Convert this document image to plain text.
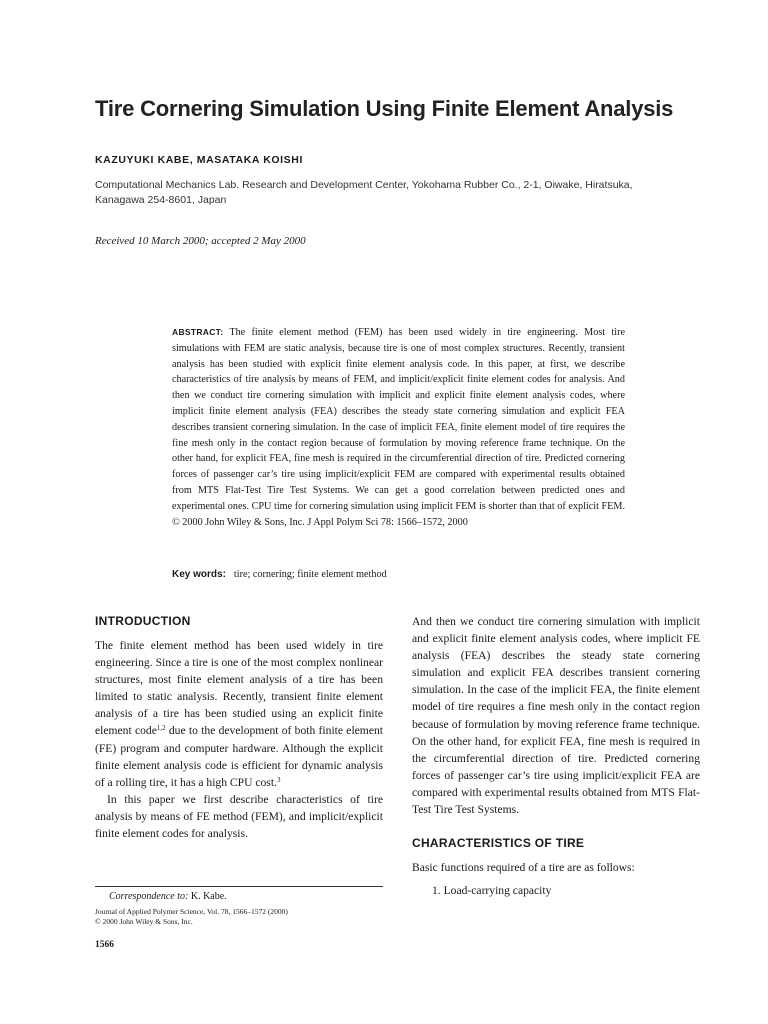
Tire Cornering Simulation Using Finite Element Analysis
KAZUYUKI KABE, MASATAKA KOISHI
Computational Mechanics Lab. Research and Development Center, Yokohama Rubber Co., 2-1, Oiwake, Hiratsuka,
Kanagawa 254-8601, Japan
Received 10 March 2000; accepted 2 May 2000
ABSTRACT: The finite element method (FEM) has been used widely in tire engineering. Most tire simulations with FEM are static analysis, because tire is one of most complex structures. Recently, transient analysis has been studied with explicit finite element analysis code. In this paper, at first, we describe characteristics of tire analysis by means of FEM, and implicit/explicit finite element codes for analysis. And then we conduct tire cornering simulation with implicit and explicit finite element analysis codes, where implicit finite element analysis (FEA) describes the steady state cornering simulation and explicit FEA describes transient cornering simulation. In the case of implicit FEA, finite element model of tire requires the fine mesh only in the contact region because of formulation by moving reference frame technique. On the other hand, for explicit FEA, fine mesh is required in the circumferential direction of tire. Predicted cornering forces of passenger car’s tire using implicit/explicit FEM are compared with experimental results obtained from MTS Flat-Test Tire Test Systems. We can get a good correlation between predicted ones and experimental ones. CPU time for cornering simulation using implicit FEM is shorter than that of explicit FEM. © 2000 John Wiley & Sons, Inc. J Appl Polym Sci 78: 1566–1572, 2000
Key words: tire; cornering; finite element method
INTRODUCTION

The finite element method has been used widely in tire engineering. Since a tire is one of the most complex nonlinear structures, most finite element analysis of a tire has been limited to static analysis. Recently, transient finite element analysis of a tire has been studied using an explicit finite element code$^{1,2}$ due to the development of both finite element (FE) program and computer hardware. Although the explicit finite element analysis code is efficient for dynamic analysis of a rolling tire, it has a high CPU cost.$^3$

In this paper we first describe characteristics of tire analysis by means of FE method (FEM), and implicit/explicit finite element codes for analysis.

And then we conduct tire cornering simulation with implicit and explicit finite element analysis codes, where implicit FE analysis (FEA) describes the steady state cornering simulation and explicit FEA describes transient cornering simulation. In the case of the implicit FEA, the finite element model of tire requires a fine mesh only in the contact region because of formulation by moving reference frame technique. On the other hand, for explicit FEA, fine mesh is required in the circumferential direction of tire. Predicted cornering forces of passenger car’s tire using implicit/explicit FEA are compared with experimental results obtained from MTS Flat-Test Tire Test Systems.

CHARACTERISTICS OF TIRE

Basic functions required of a tire are as follows:

1. Load-carrying capacity
Correspondence to: K. Kabe.
Journal of Applied Polymer Science, Vol. 78, 1566–1572 (2000)
© 2000 John Wiley & Sons, Inc.
1566
